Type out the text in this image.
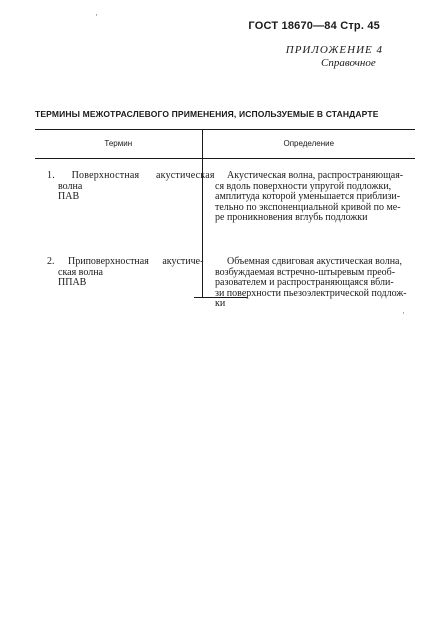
ГОСТ 18670—84 Стр. 45
ПРИЛОЖЕНИЕ 4
Справочное
ТЕРМИНЫ МЕЖОТРАСЛЕВОГО ПРИМЕНЕНИЯ, ИСПОЛЬЗУЕМЫЕ В СТАНДАРТЕ
Термин	Определение
1. Поверхностная акустическая
волна
ПАВ
Акустическая волна, распространяющая-
ся вдоль поверхности упругой подложки,
амплитуда которой уменьшается приблизи-
тельно по экспоненциальной кривой по ме-
ре проникновения вглубь подложки
2. Приповерхностная акустиче-
ская волна
ППАВ
Объемная сдвиговая акустическая волна,
возбуждаемая встречно-штыревым преоб-
разователем и распространяющаяся вбли-
зи поверхности пьезоэлектрической подлож-
ки
·
·
